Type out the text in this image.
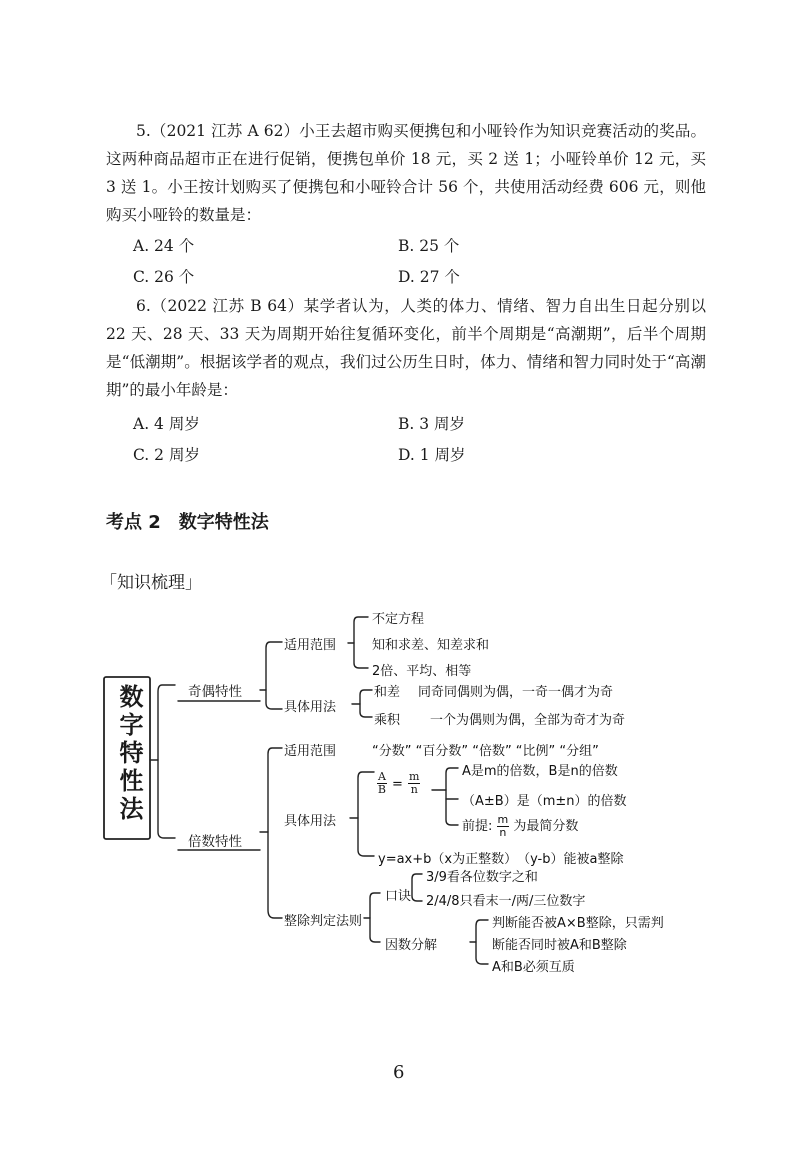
5.（2021 江苏 A 62）小王去超市购买便携包和小哑铃作为知识竞赛活动的奖品。这两种商品超市正在进行促销，便携包单价 18 元，买 2 送 1；小哑铃单价 12 元，买 3 送 1。小王按计划购买了便携包和小哑铃合计 56 个，共使用活动经费 606 元，则他购买小哑铃的数量是：

A. 24 个	B. 25 个
C. 26 个	D. 27 个

6.（2022 江苏 B 64）某学者认为，人类的体力、情绪、智力自出生日起分别以 22 天、28 天、33 天为周期开始往复循环变化，前半个周期是“高潮期”，后半个周期是“低潮期”。根据该学者的观点，我们过公历生日时，体力、情绪和智力同时处于“高潮期”的最小年龄是：

A. 4 周岁	B. 3 周岁
C. 2 周岁	D. 1 周岁
考点 2　数字特性法
「知识梳理」
数字特性法	奇偶特性
适用范围
不定方程
知和求差、知差求和
2倍、平均、相等
具体用法
和差 同奇同偶则为偶，一奇一偶才为奇
乘积 一个为偶则为偶，全部为奇才为奇
倍数特性
适用范围	“分数” “百分数” “倍数” “比例” “分组”
具体用法
$\frac{A}{B} = \frac{m}{n}$	A是m的倍数，B是n的倍数
（A±B）是（m±n）的倍数
前提: $\frac{m}{n}$ 为最简分数
y=ax+b（x为正整数）　（y-b）能被a整除
整除判定法则
口诀
3/9看各位数字之和
2/4/8只看末一/两/三位数字
因数分解
判断能否被A×B整除，只需判
断能否同时被A和B整除
A和B必须互质
6
